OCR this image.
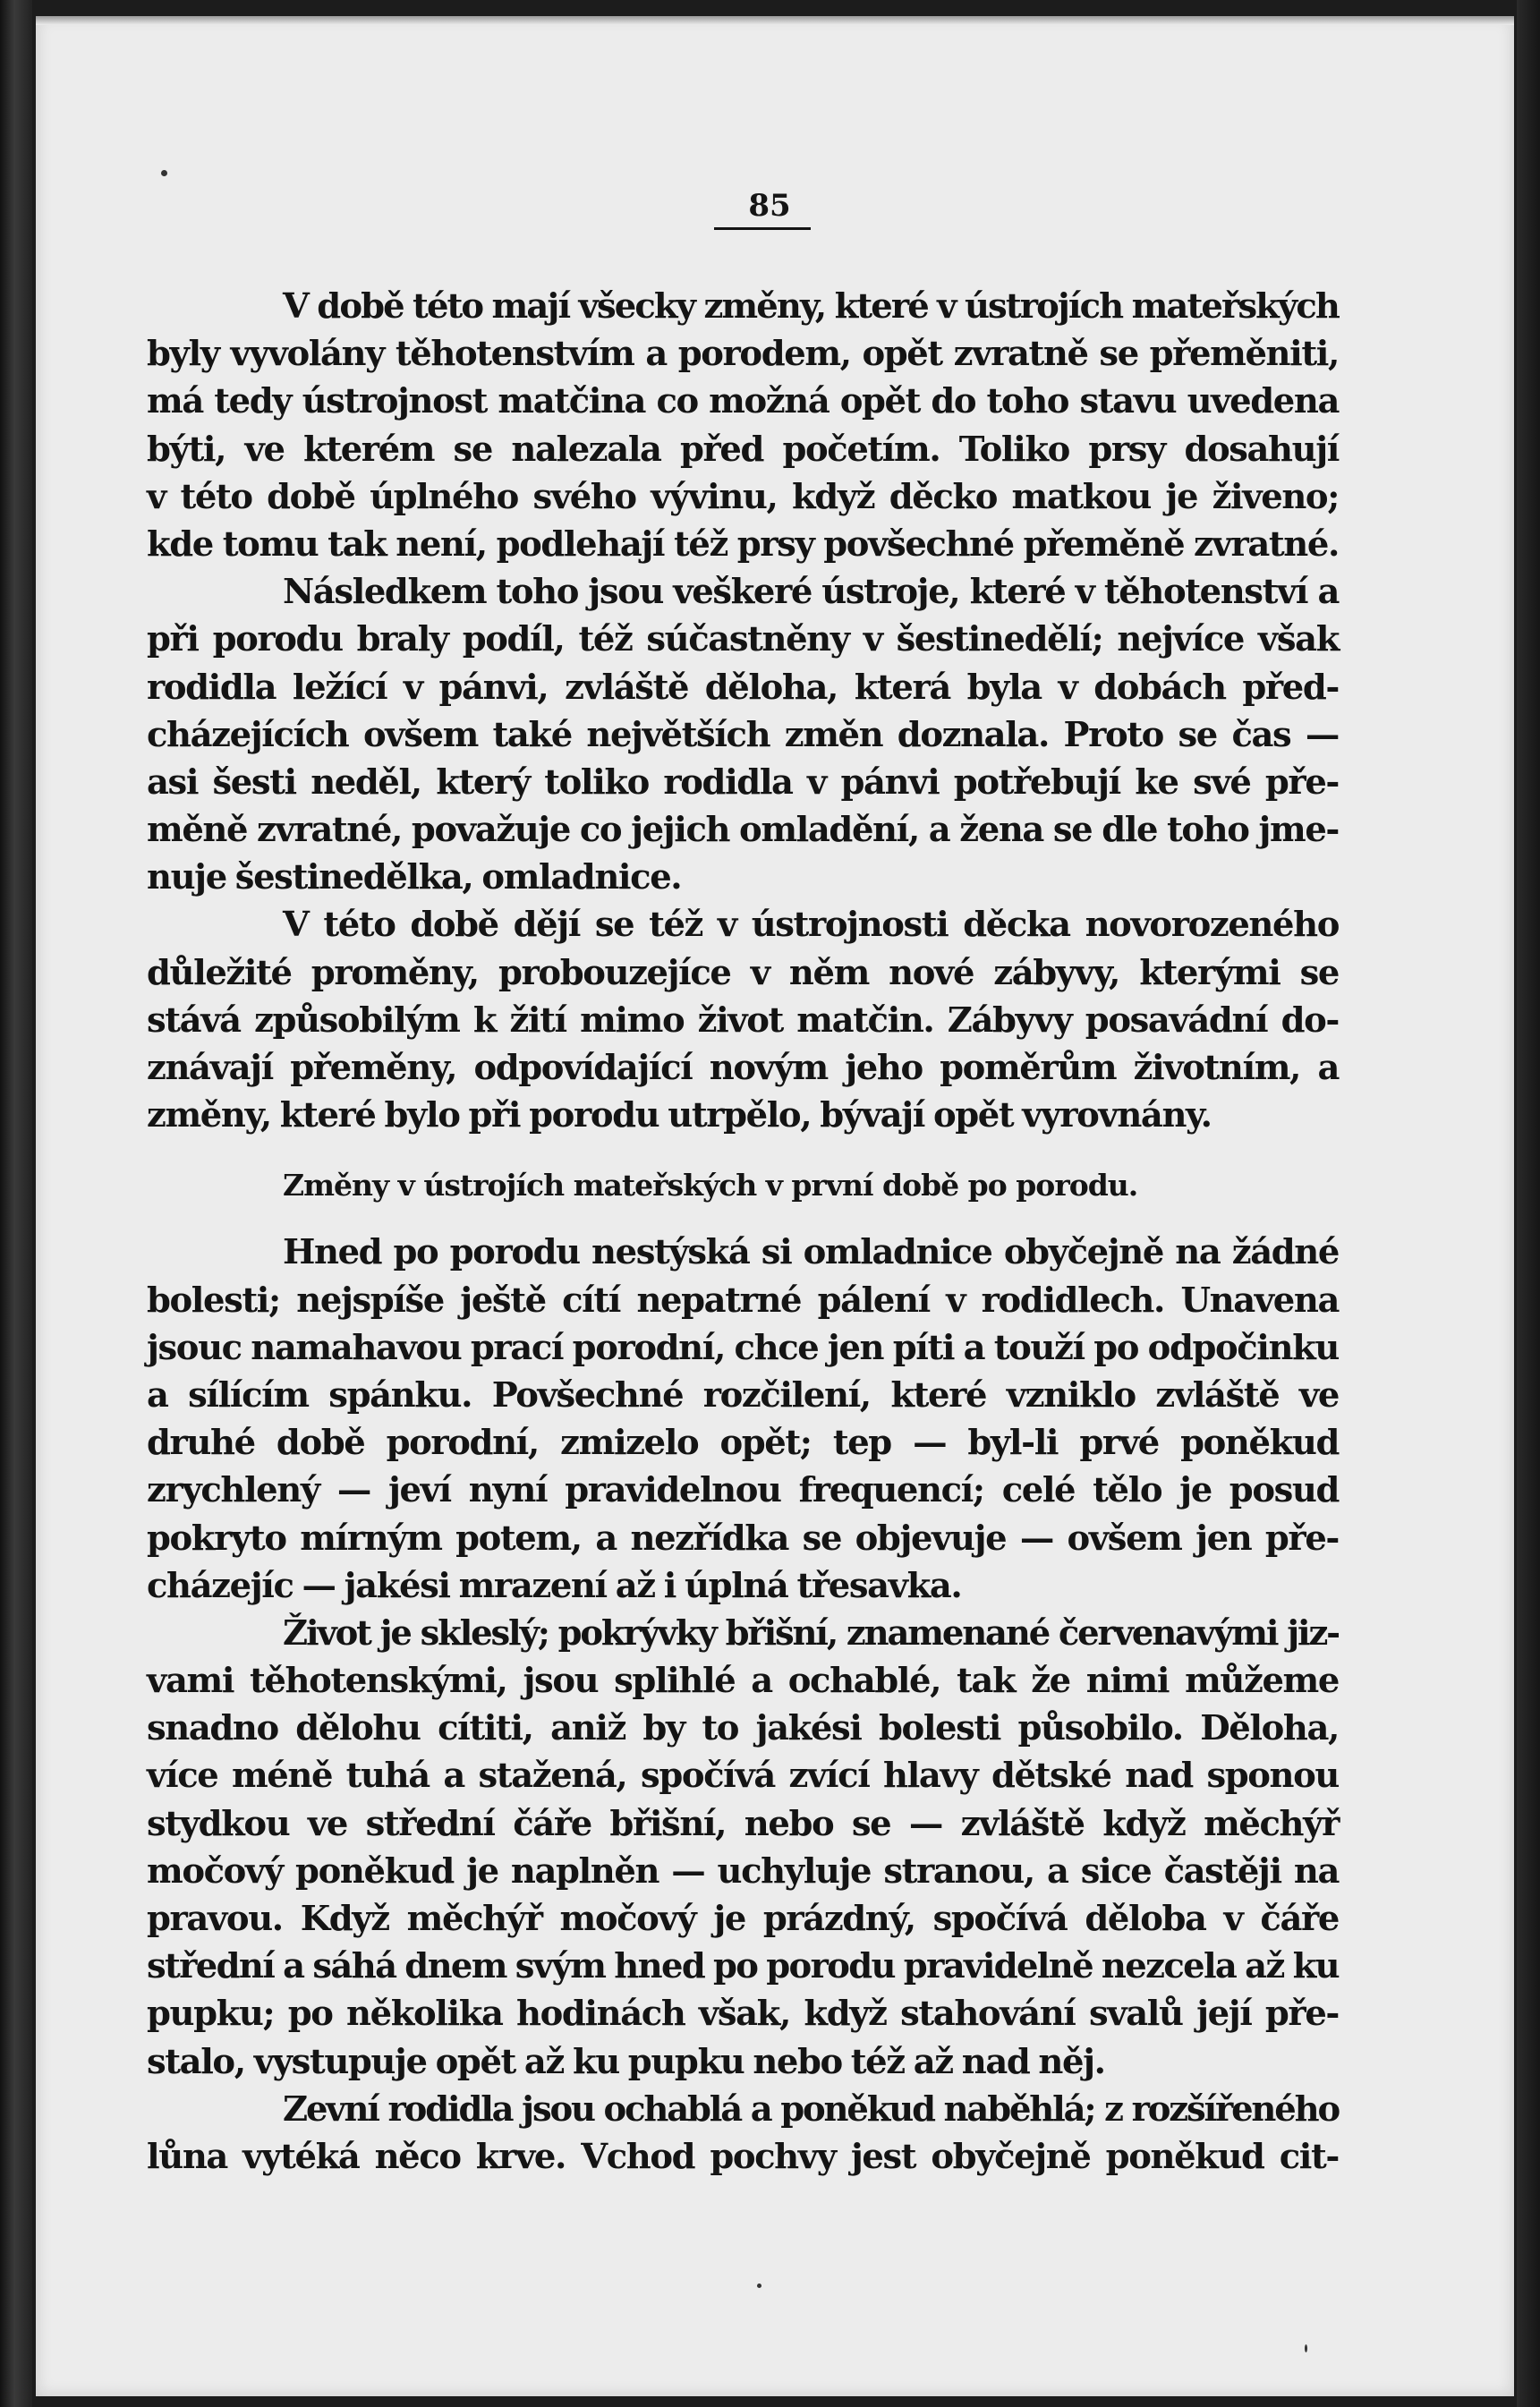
85
V době této mají všecky změny, které v ústrojích mateřských
byly vyvolány těhotenstvím a porodem, opět zvratně se přeměniti,
má tedy ústrojnost matčina co možná opět do toho stavu uvedena
býti, ve kterém se nalezala před početím. Toliko prsy dosahují
v této době úplného svého vývinu, když děcko matkou je živeno;
kde tomu tak není, podlehají též prsy povšechné přeměně zvratné.
Následkem toho jsou veškeré ústroje, které v těhotenství a
při porodu braly podíl, též súčastněny v šestinedělí; nejvíce však
rodidla ležící v pánvi, zvláště děloha, která byla v dobách před-
cházejících ovšem také největších změn doznala. Proto se čas —
asi šesti neděl, který toliko rodidla v pánvi potřebují ke své pře-
měně zvratné, považuje co jejich omladění, a žena se dle toho jme-
nuje šestinedělka, omladnice.
V této době dějí se též v ústrojnosti děcka novorozeného
důležité proměny, probouzejíce v něm nové zábyvy, kterými se
stává způsobilým k žití mimo život matčin. Zábyvy posavádní do-
znávají přeměny, odpovídající novým jeho poměrům životním, a
změny, které bylo při porodu utrpělo, bývají opět vyrovnány.
Změny v ústrojích mateřských v první době po porodu.
Hned po porodu nestýská si omladnice obyčejně na žádné
bolesti; nejspíše ještě cítí nepatrné pálení v rodidlech. Unavena
jsouc namahavou prací porodní, chce jen píti a touží po odpočinku
a sílícím spánku. Povšechné rozčilení, které vzniklo zvláště ve
druhé době porodní, zmizelo opět; tep — byl-li prvé poněkud
zrychlený — jeví nyní pravidelnou frequencí; celé tělo je posud
pokryto mírným potem, a nezřídka se objevuje — ovšem jen pře-
cházejíc — jakési mrazení až i úplná třesavka.
Život je skleslý; pokrývky břišní, znamenané červenavými jiz-
vami těhotenskými, jsou splihlé a ochablé, tak že nimi můžeme
snadno dělohu cítiti, aniž by to jakési bolesti působilo. Děloha,
více méně tuhá a stažená, spočívá zvící hlavy dětské nad sponou
stydkou ve střední čáře břišní, nebo se — zvláště když měchýř
močový poněkud je naplněn — uchyluje stranou, a sice častěji na
pravou. Když měchýř močový je prázdný, spočívá děloba v čáře
střední a sáhá dnem svým hned po porodu pravidelně nezcela až ku
pupku; po několika hodinách však, když stahování svalů její pře-
stalo, vystupuje opět až ku pupku nebo též až nad něj.
Zevní rodidla jsou ochablá a poněkud naběhlá; z rozšířeného
lůna vytéká něco krve. Vchod pochvy jest obyčejně poněkud cit-
